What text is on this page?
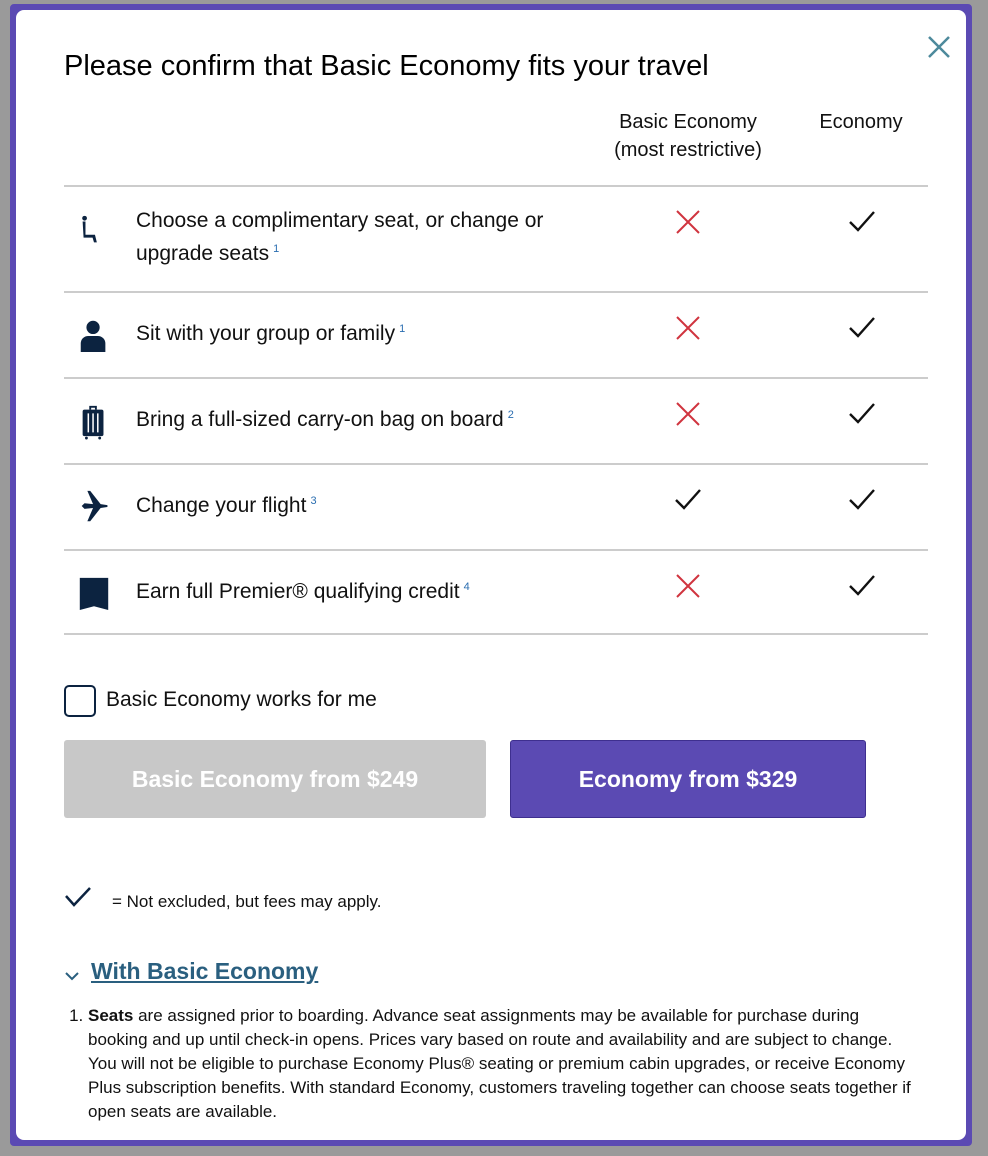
Please confirm that Basic Economy fits your travel
Basic Economy
(most restrictive)
Economy
Choose a complimentary seat, or change or upgrade seats $^1$
Sit with your group or family $^1$
Bring a full-sized carry-on bag on board $^2$
Change your flight $^3$
Earn full Premier® qualifying credit $^4$
Basic Economy works for me
Basic Economy from $249	Economy from $329
= Not excluded, but fees may apply.
With Basic Economy
1. Seats are assigned prior to boarding. Advance seat assignments may be available for purchase during booking and up until check-in opens. Prices vary based on route and availability and are subject to change. You will not be eligible to purchase Economy Plus® seating or premium cabin upgrades, or receive Economy Plus subscription benefits. With standard Economy, customers traveling together can choose seats together if open seats are available.
